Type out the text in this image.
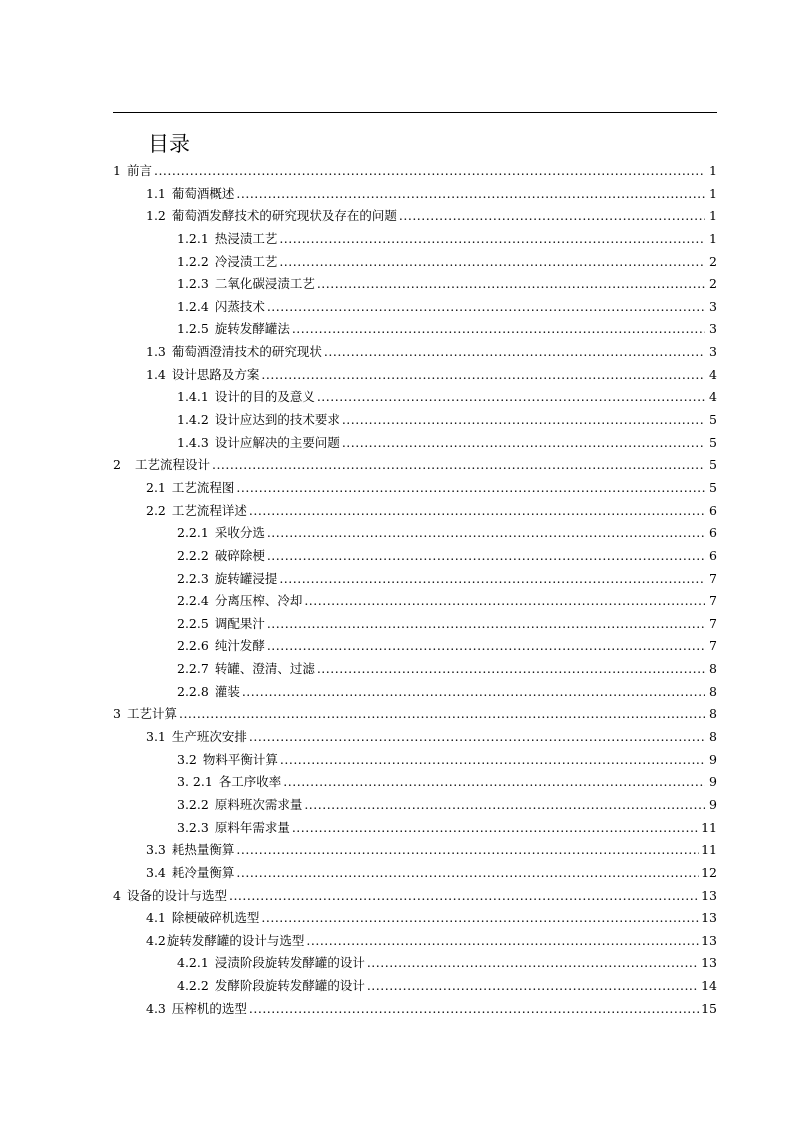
目录
1 前言 .....	1
1.1 葡萄酒概述 .....	1
1.2 葡萄酒发酵技术的研究现状及存在的问题 .....	1
1.2.1 热浸渍工艺 .....	1
1.2.2 冷浸渍工艺 .....	2
1.2.3 二氧化碳浸渍工艺 .....	2
1.2.4 闪蒸技术 .....	3
1.2.5 旋转发酵罐法 .....	3
1.3 葡萄酒澄清技术的研究现状 .....	3
1.4 设计思路及方案 .....	4
1.4.1 设计的目的及意义 .....	4
1.4.2 设计应达到的技术要求 .....	5
1.4.3 设计应解决的主要问题 .....	5
2 工艺流程设计 .....	5
2.1 工艺流程图 .....	5
2.2 工艺流程详述 .....	6
2.2.1 采收分选 .....	6
2.2.2 破碎除梗 .....	6
2.2.3 旋转罐浸提 .....	7
2.2.4 分离压榨、冷却 .....	7
2.2.5 调配果汁 .....	7
2.2.6 纯汁发酵 .....	7
2.2.7 转罐、澄清、过滤 .....	8
2.2.8 灌装 .....	8
3 工艺计算 .....	8
3.1 生产班次安排 .....	8
3.2 物料平衡计算 .....	9
3. 2.1 各工序收率 .....	9
3.2.2 原料班次需求量 .....	9
3.2.3 原料年需求量 .....	11
3.3 耗热量衡算 .....	11
3.4 耗冷量衡算 .....	12
4 设备的设计与选型 .....	13
4.1 除梗破碎机选型 .....	13
4.2 旋转发酵罐的设计与选型 .....	13
4.2.1 浸渍阶段旋转发酵罐的设计 .....	13
4.2.2 发酵阶段旋转发酵罐的设计 .....	14
4.3 压榨机的选型 .....	15
